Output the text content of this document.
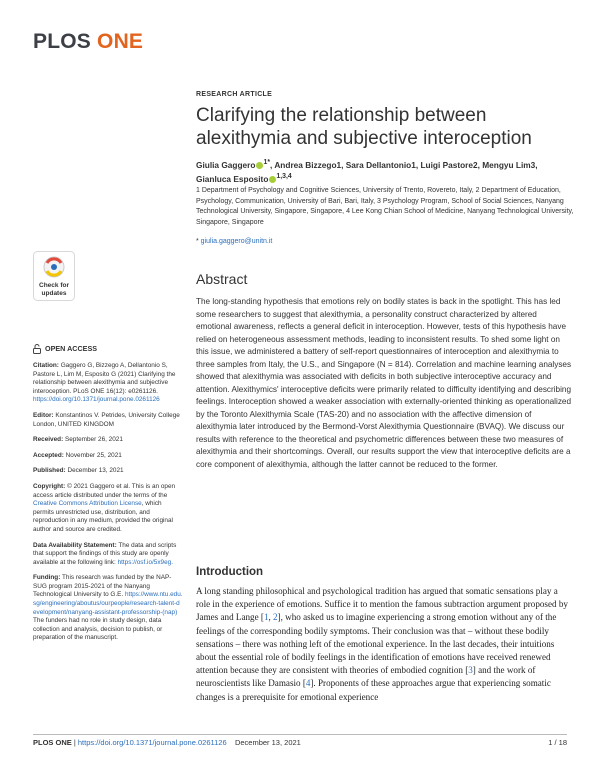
PLOS ONE
RESEARCH ARTICLE
Clarifying the relationship between alexithymia and subjective interoception
Giulia Gaggero $^{1*}$, Andrea Bizzego1, Sara Dellantonio1, Luigi Pastore2, Mengyu Lim3,
Gianluca Esposito $^{1,3,4}$
1 Department of Psychology and Cognitive Sciences, University of Trento, Rovereto, Italy, 2 Department of Education, Psychology, Communication, University of Bari, Bari, Italy, 3 Psychology Program, School of Social Sciences, Nanyang Technological University, Singapore, Singapore, 4 Lee Kong Chian School of Medicine, Nanyang Technological University, Singapore, Singapore
* giulia.gaggero@unitn.it
Check for
updates
Abstract

The long-standing hypothesis that emotions rely on bodily states is back in the spotlight. This has led some researchers to suggest that alexithymia, a personality construct characterized by altered emotional awareness, reflects a general deficit in interoception. However, tests of this hypothesis have relied on heterogeneous assessment methods, leading to inconsistent results. To shed some light on this issue, we administered a battery of self-report questionnaires of interoception and alexithymia to three samples from Italy, the U.S., and Singapore (N = 814). Correlation and machine learning analyses showed that alexithymia was associated with deficits in both subjective interoceptive accuracy and attention. Alexithymics' interoceptive deficits were primarily related to difficulty identifying and describing feelings. Interoception showed a weaker association with externally-oriented thinking as operationalized by the Toronto Alexithymia Scale (TAS-20) and no association with the affective dimension of alexithymia later introduced by the Bermond-Vorst Alexithymia Questionnaire (BVAQ). We discuss our results with reference to the theoretical and psychometric differences between these two measures of alexithymia and their shortcomings. Overall, our results support the view that interoceptive deficits are a core component of alexithymia, although the latter cannot be reduced to the former.

OPEN ACCESS

Citation: Gaggero G, Bizzego A, Dellantonio S, Pastore L, Lim M, Esposito G (2021) Clarifying the relationship between alexithymia and subjective interoception. PLoS ONE 16(12): e0261126. https://doi.org/10.1371/journal.pone.0261126

Editor: Konstantinos V. Petrides, University College London, UNITED KINGDOM

Received: September 26, 2021

Accepted: November 25, 2021

Published: December 13, 2021

Copyright: © 2021 Gaggero et al. This is an open access article distributed under the terms of the Creative Commons Attribution License, which permits unrestricted use, distribution, and reproduction in any medium, provided the original author and source are credited.

Data Availability Statement: The data and scripts that support the findings of this study are openly available at the following link: https://osf.io/5x9eg.

Funding: This research was funded by the NAP-SUG program 2015-2021 of the Nanyang Technological University to G.E. https://www.ntu.edu.sg/engineering/aboutus/ourpeople/research-talent-development/nanyang-assistant-professorship-(nap) The funders had no role in study design, data collection and analysis, decision to publish, or preparation of the manuscript.

Introduction

A long standing philosophical and psychological tradition has argued that somatic sensations play a role in the experience of emotions. Suffice it to mention the famous subtraction argument proposed by James and Lange [1, 2], who asked us to imagine experiencing a strong emotion without any of the feelings of the corresponding bodily symptoms. Their conclusion was that – without these bodily sensations – there was nothing left of the emotional experience. In the last decades, their intuitions about the essential role of bodily feelings in the identification of emotions have received renewed attention because they are consistent with theories of embodied cognition [3] and the work of neuroscientists like Damasio [4]. Proponents of these approaches argue that experiencing somatic changes is a prerequisite for emotional experience

PLOS ONE | https://doi.org/10.1371/journal.pone.0261126    December 13, 2021	1 / 18
